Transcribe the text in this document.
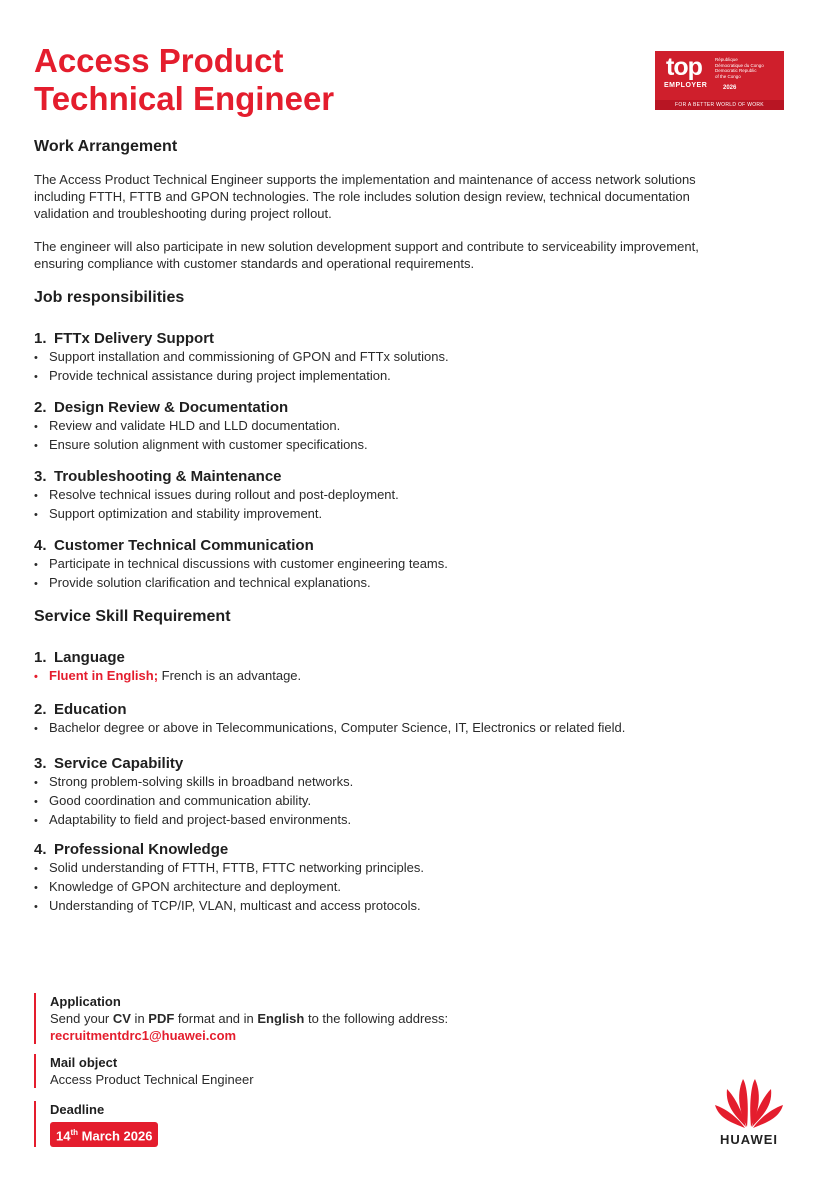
Access Product
Technical Engineer
top
EMPLOYER
République
Démocratique du Congo
Democratic Republic
of the Congo
2026
FOR A BETTER WORLD OF WORK
Work Arrangement

The Access Product Technical Engineer supports the implementation and maintenance of access network solutions including FTTH, FTTB and GPON technologies. The role includes solution design review, technical documentation validation and troubleshooting during project rollout.

The engineer will also participate in new solution development support and contribute to serviceability improvement, ensuring compliance with customer standards and operational requirements.

Job responsibilities
1. FTTx Delivery Support
• Support installation and commissioning of GPON and FTTx solutions.
• Provide technical assistance during project implementation.
2. Design Review & Documentation
• Review and validate HLD and LLD documentation.
• Ensure solution alignment with customer specifications.
3. Troubleshooting & Maintenance
• Resolve technical issues during rollout and post-deployment.
• Support optimization and stability improvement.
4. Customer Technical Communication
• Participate in technical discussions with customer engineering teams.
• Provide solution clarification and technical explanations.
Service Skill Requirement
1. Language
• Fluent in English; French is an advantage.
2. Education
• Bachelor degree or above in Telecommunications, Computer Science, IT, Electronics or related field.
3. Service Capability
• Strong problem-solving skills in broadband networks.
• Good coordination and communication ability.
• Adaptability to field and project-based environments.
4. Professional Knowledge
• Solid understanding of FTTH, FTTB, FTTC networking principles.
• Knowledge of GPON architecture and deployment.
• Understanding of TCP/IP, VLAN, multicast and access protocols.
Application
Send your CV in PDF format and in English to the following address:
recruitmentdrc1@huawei.com
Mail object
Access Product Technical Engineer
Deadline
14th March 2026	HUAWEI
